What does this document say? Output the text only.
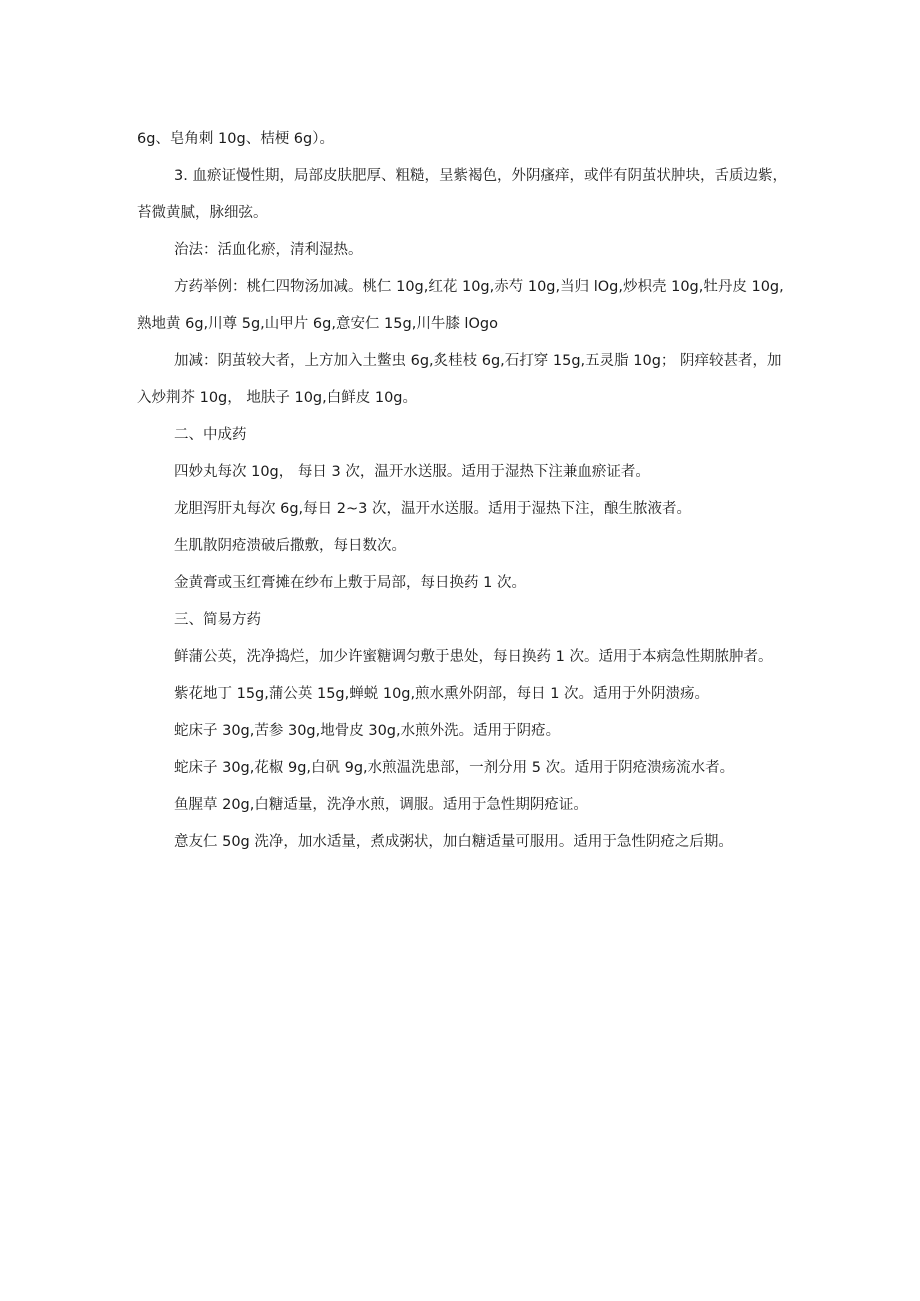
6g、皂角刺 10g、桔梗 6g）。

3. 血瘀证慢性期，局部皮肤肥厚、粗糙，呈紫褐色，外阴瘙痒，或伴有阴茧状肿块，舌质边紫，苔微黄腻，脉细弦。

治法：活血化瘀，清利湿热。

方药举例：桃仁四物汤加减。桃仁 10g,红花 10g,赤芍 10g,当归 lOg,炒枳壳 10g,牡丹皮 10g,熟地黄 6g,川尊 5g,山甲片 6g,意安仁 15g,川牛膝 lOgo

加减：阴茧较大者，上方加入土鳖虫 6g,炙桂枝 6g,石打穿 15g,五灵脂 10g； 阴痒较甚者，加入炒荆芥 10g， 地肤子 10g,白鲜皮 10g。

二、中成药

四妙丸每次 10g， 每日 3 次，温开水送服。适用于湿热下注兼血瘀证者。

龙胆泻肝丸每次 6g,每日 2~3 次，温开水送服。适用于湿热下注，酿生脓液者。

生肌散阴疮溃破后撒敷，每日数次。

金黄膏或玉红膏摊在纱布上敷于局部，每日换药 1 次。

三、简易方药

鲜蒲公英，洗净捣烂，加少许蜜糖调匀敷于患处，每日换药 1 次。适用于本病急性期脓肿者。

紫花地丁 15g,蒲公英 15g,蝉蜕 10g,煎水熏外阴部，每日 1 次。适用于外阴溃疡。

蛇床子 30g,苦参 30g,地骨皮 30g,水煎外洗。适用于阴疮。

蛇床子 30g,花椒 9g,白矾 9g,水煎温洗患部，一剂分用 5 次。适用于阴疮溃疡流水者。

鱼腥草 20g,白糖适量，洗净水煎，调服。适用于急性期阴疮证。

意友仁 50g 洗净，加水适量，煮成粥状，加白糖适量可服用。适用于急性阴疮之后期。
